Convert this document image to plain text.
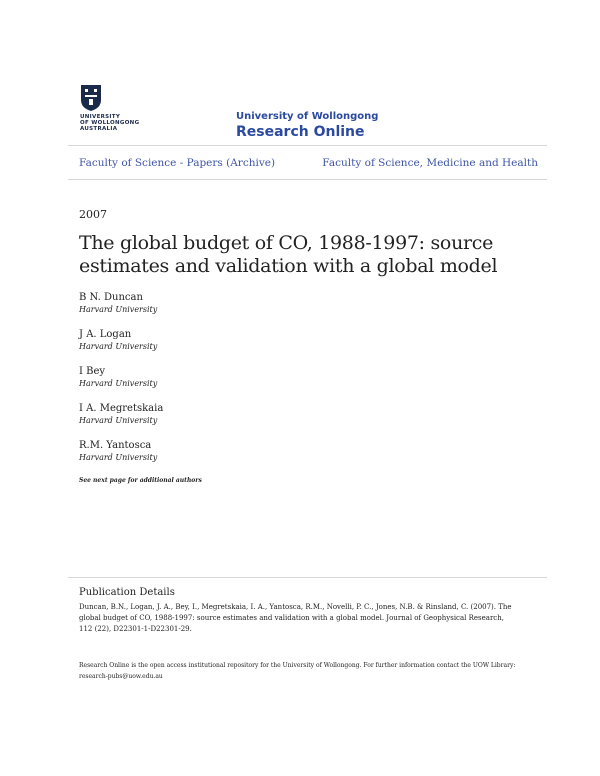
UNIVERSITY
OF WOLLONGONG
AUSTRALIA
University of Wollongong
Research Online
Faculty of Science - Papers (Archive)	Faculty of Science, Medicine and Health
2007
The global budget of CO, 1988-1997: source estimates and validation with a global model
B N. Duncan
Harvard University
J A. Logan
Harvard University
I Bey
Harvard University
I A. Megretskaia
Harvard University
R.M. Yantosca
Harvard University
See next page for additional authors
Publication Details
Duncan, B.N., Logan, J. A., Bey, I., Megretskaia, I. A., Yantosca, R.M., Novelli, P. C., Jones, N.B. & Rinsland, C. (2007). The global budget of CO, 1988-1997: source estimates and validation with a global model. Journal of Geophysical Research, 112 (22), D22301-1-D22301-29.
Research Online is the open access institutional repository for the University of Wollongong. For further information contact the UOW Library: research-pubs@uow.edu.au
